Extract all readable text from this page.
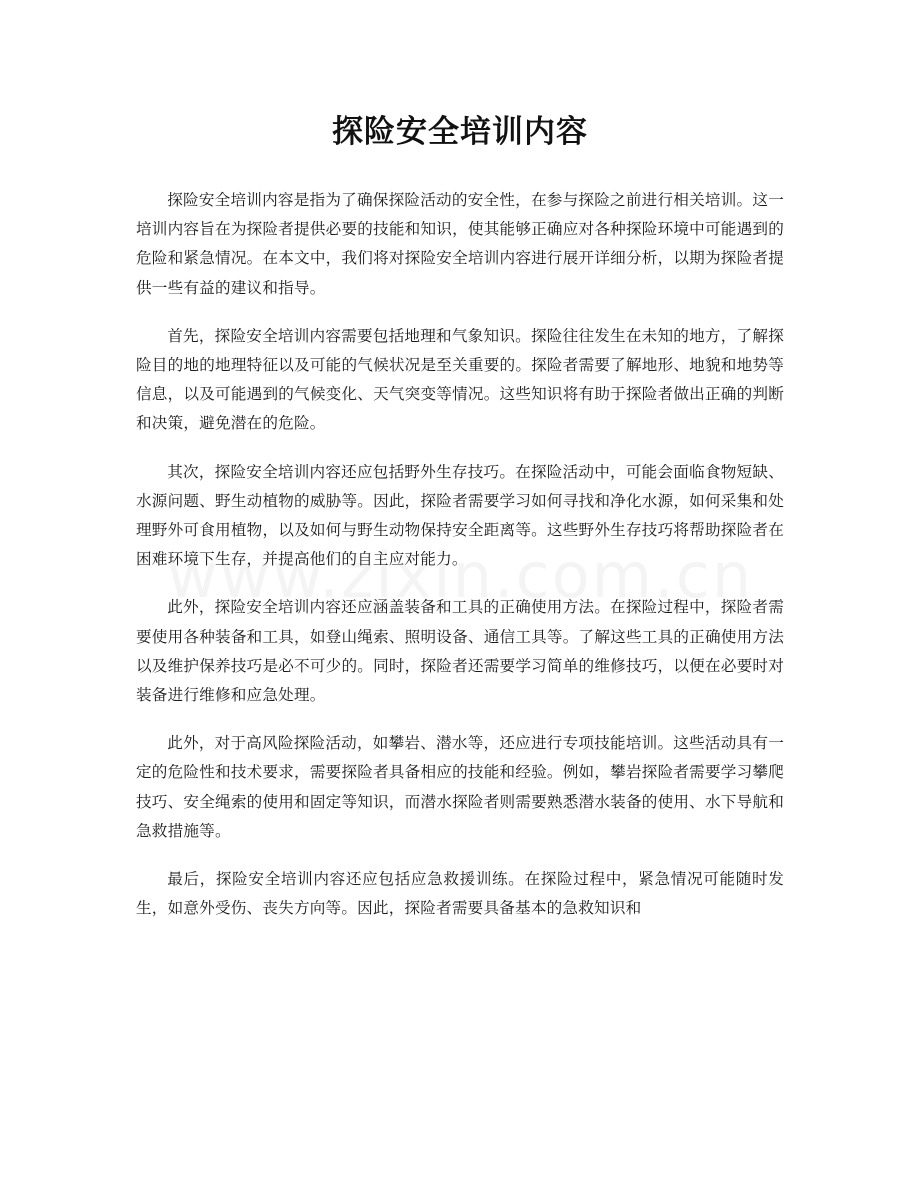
探险安全培训内容

探险安全培训内容是指为了确保探险活动的安全性，在参与探险之前进行相关培训。这一培训内容旨在为探险者提供必要的技能和知识，使其能够正确应对各种探险环境中可能遇到的危险和紧急情况。在本文中，我们将对探险安全培训内容进行展开详细分析，以期为探险者提供一些有益的建议和指导。

首先，探险安全培训内容需要包括地理和气象知识。探险往往发生在未知的地方，了解探险目的地的地理特征以及可能的气候状况是至关重要的。探险者需要了解地形、地貌和地势等信息，以及可能遇到的气候变化、天气突变等情况。这些知识将有助于探险者做出正确的判断和决策，避免潜在的危险。

其次，探险安全培训内容还应包括野外生存技巧。在探险活动中，可能会面临食物短缺、水源问题、野生动植物的威胁等。因此，探险者需要学习如何寻找和净化水源，如何采集和处理野外可食用植物，以及如何与野生动物保持安全距离等。这些野外生存技巧将帮助探险者在困难环境下生存，并提高他们的自主应对能力。

此外，探险安全培训内容还应涵盖装备和工具的正确使用方法。在探险过程中，探险者需要使用各种装备和工具，如登山绳索、照明设备、通信工具等。了解这些工具的正确使用方法以及维护保养技巧是必不可少的。同时，探险者还需要学习简单的维修技巧，以便在必要时对装备进行维修和应急处理。

此外，对于高风险探险活动，如攀岩、潜水等，还应进行专项技能培训。这些活动具有一定的危险性和技术要求，需要探险者具备相应的技能和经验。例如，攀岩探险者需要学习攀爬技巧、安全绳索的使用和固定等知识，而潜水探险者则需要熟悉潜水装备的使用、水下导航和急救措施等。

最后，探险安全培训内容还应包括应急救援训练。在探险过程中，紧急情况可能随时发生，如意外受伤、丧失方向等。因此，探险者需要具备基本的急救知识和
